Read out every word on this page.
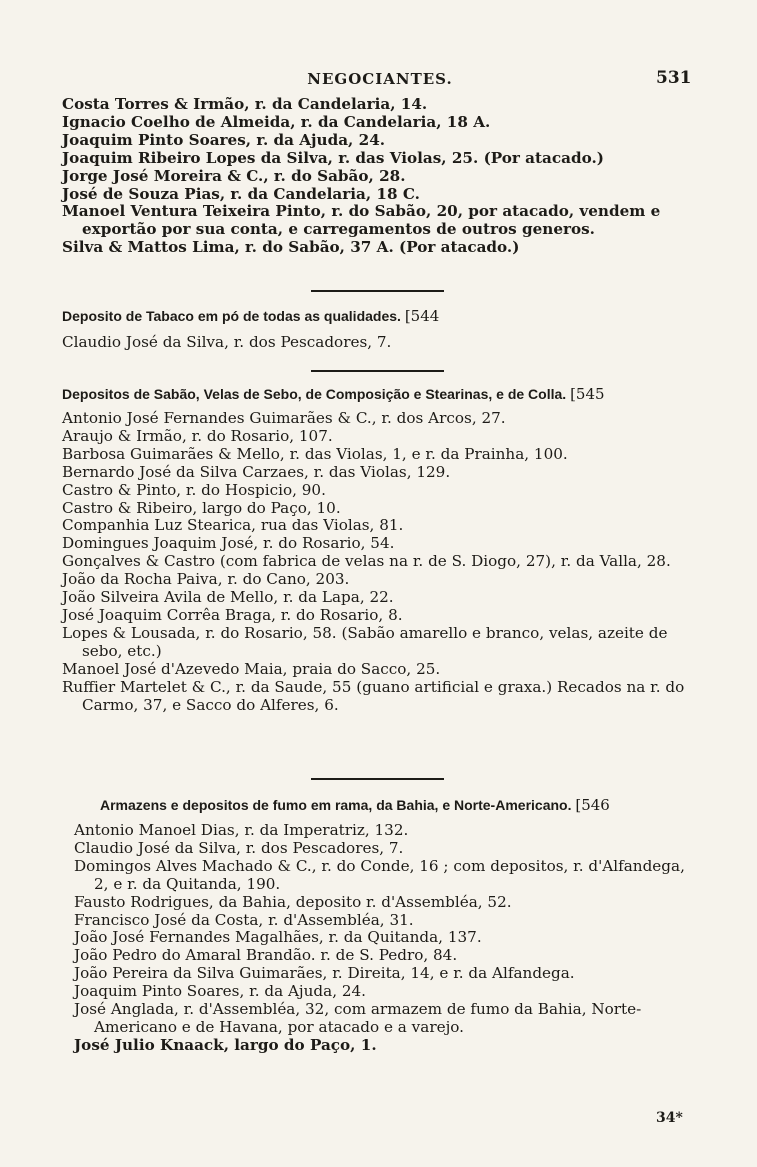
NEGOCIANTES.	531

Costa Torres & Irmão, r. da Candelaria, 14.

Ignacio Coelho de Almeida, r. da Candelaria, 18 A.

Joaquim Pinto Soares, r. da Ajuda, 24.

Joaquim Ribeiro Lopes da Silva, r. das Violas, 25. (Por atacado.)

Jorge José Moreira & C., r. do Sabão, 28.

José de Souza Pias, r. da Candelaria, 18 C.

Manoel Ventura Teixeira Pinto, r. do Sabão, 20, por atacado, vendem e exportão por sua conta, e carregamentos de outros generos.

Silva & Mattos Lima, r. do Sabão, 37 A. (Por atacado.)

Deposito de Tabaco em pó de todas as qualidades. [544

Claudio José da Silva, r. dos Pescadores, 7.

Depositos de Sabão, Velas de Sebo, de Composição e Stearinas, e de Colla. [545

Antonio José Fernandes Guimarães & C., r. dos Arcos, 27.

Araujo & Irmão, r. do Rosario, 107.

Barbosa Guimarães & Mello, r. das Violas, 1, e r. da Prainha, 100.

Bernardo José da Silva Carzaes, r. das Violas, 129.

Castro & Pinto, r. do Hospicio, 90.

Castro & Ribeiro, largo do Paço, 10.

Companhia Luz Stearica, rua das Violas, 81.

Domingues Joaquim José, r. do Rosario, 54.

Gonçalves & Castro (com fabrica de velas na r. de S. Diogo, 27), r. da Valla, 28.

João da Rocha Paiva, r. do Cano, 203.

João Silveira Avila de Mello, r. da Lapa, 22.

José Joaquim Corrêa Braga, r. do Rosario, 8.

Lopes & Lousada, r. do Rosario, 58. (Sabão amarello e branco, velas, azeite de sebo, etc.)

Manoel José d'Azevedo Maia, praia do Sacco, 25.

Ruffier Martelet & C., r. da Saude, 55 (guano artificial e graxa.) Recados na r. do Carmo, 37, e Sacco do Alferes, 6.

Armazens e depositos de fumo em rama, da Bahia, e Norte-Americano. [546

Antonio Manoel Dias, r. da Imperatriz, 132.

Claudio José da Silva, r. dos Pescadores, 7.

Domingos Alves Machado & C., r. do Conde, 16 ; com depositos, r. d'Alfandega, 2, e r. da Quitanda, 190.

Fausto Rodrigues, da Bahia, deposito r. d'Assembléa, 52.

Francisco José da Costa, r. d'Assembléa, 31.

João José Fernandes Magalhães, r. da Quitanda, 137.

João Pedro do Amaral Brandão. r. de S. Pedro, 84.

João Pereira da Silva Guimarães, r. Direita, 14, e r. da Alfandega.

Joaquim Pinto Soares, r. da Ajuda, 24.

José Anglada, r. d'Assembléa, 32, com armazem de fumo da Bahia, Norte-Americano e de Havana, por atacado e a varejo.

José Julio Knaack, largo do Paço, 1.

34*
